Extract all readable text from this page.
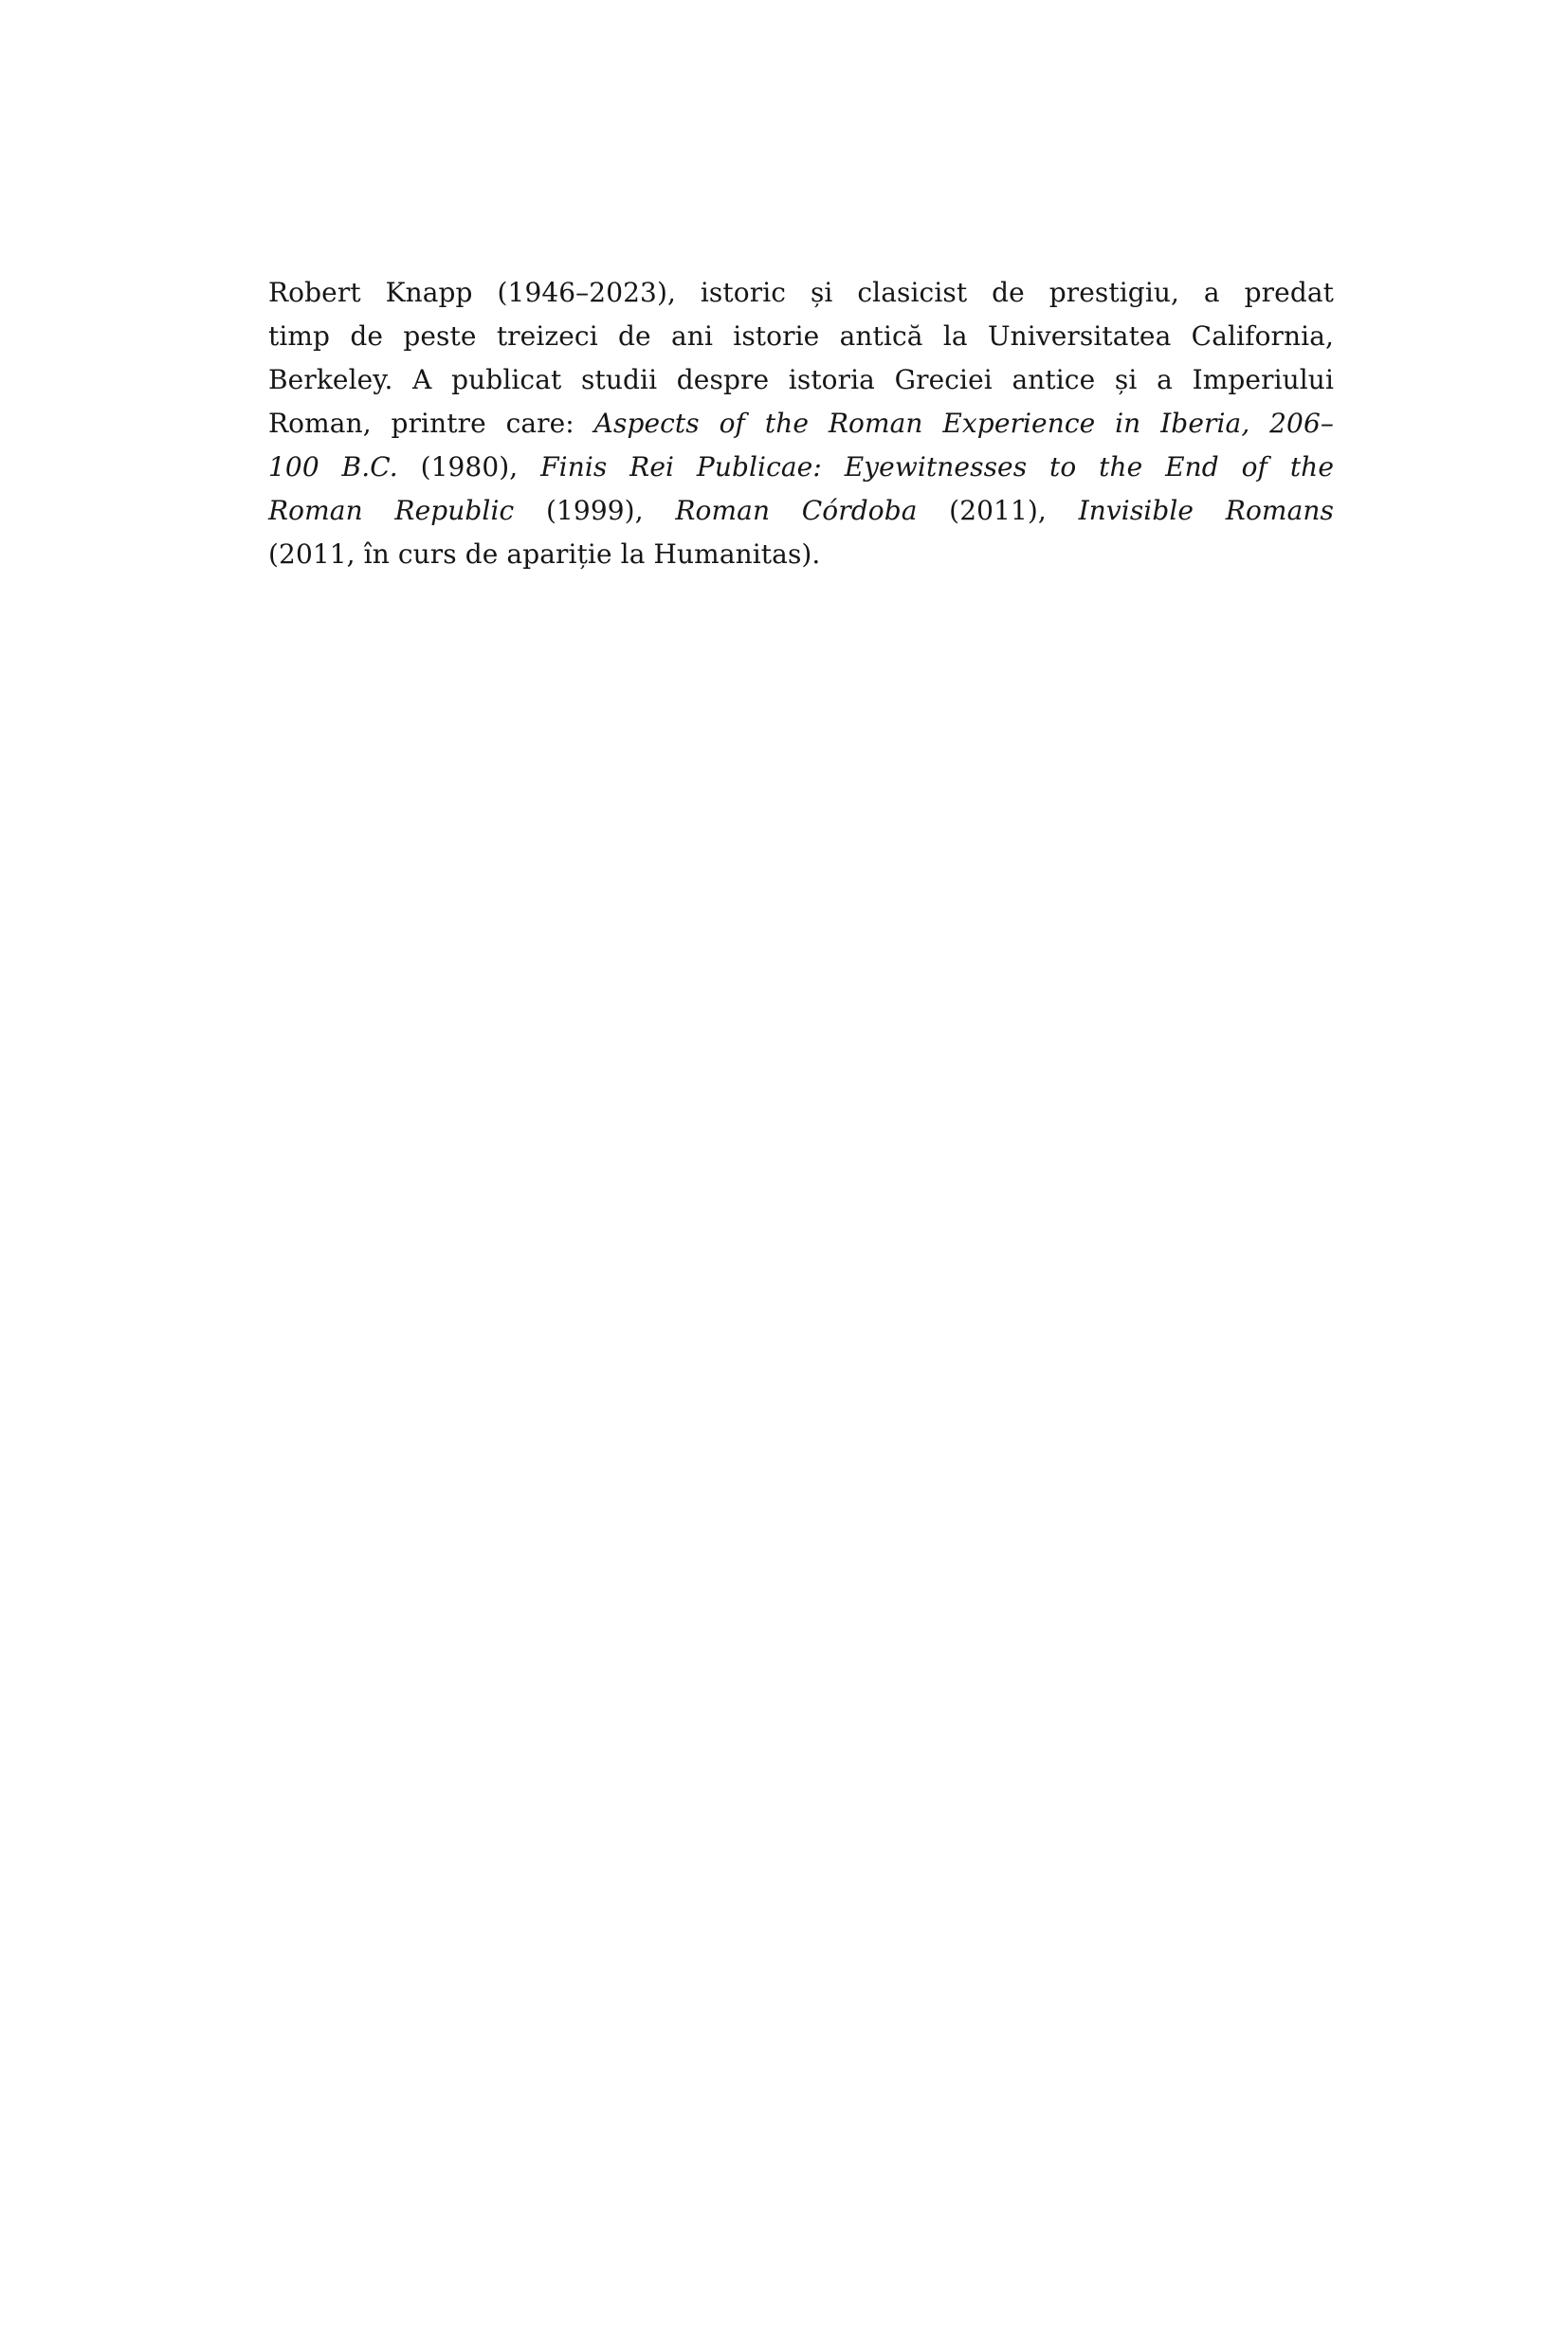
Robert Knapp (1946–2023), istoric și clasicist de prestigiu, a predat
timp de peste treizeci de ani istorie antică la Universitatea California,
Berkeley. A publicat studii despre istoria Greciei antice și a Imperiului
Roman, printre care: Aspects of the Roman Experience in Iberia, 206–
100 B.C. (1980), Finis Rei Publicae: Eyewitnesses to the End of the
Roman Republic (1999), Roman Córdoba (2011), Invisible Romans
(2011, în curs de apariție la Humanitas).
